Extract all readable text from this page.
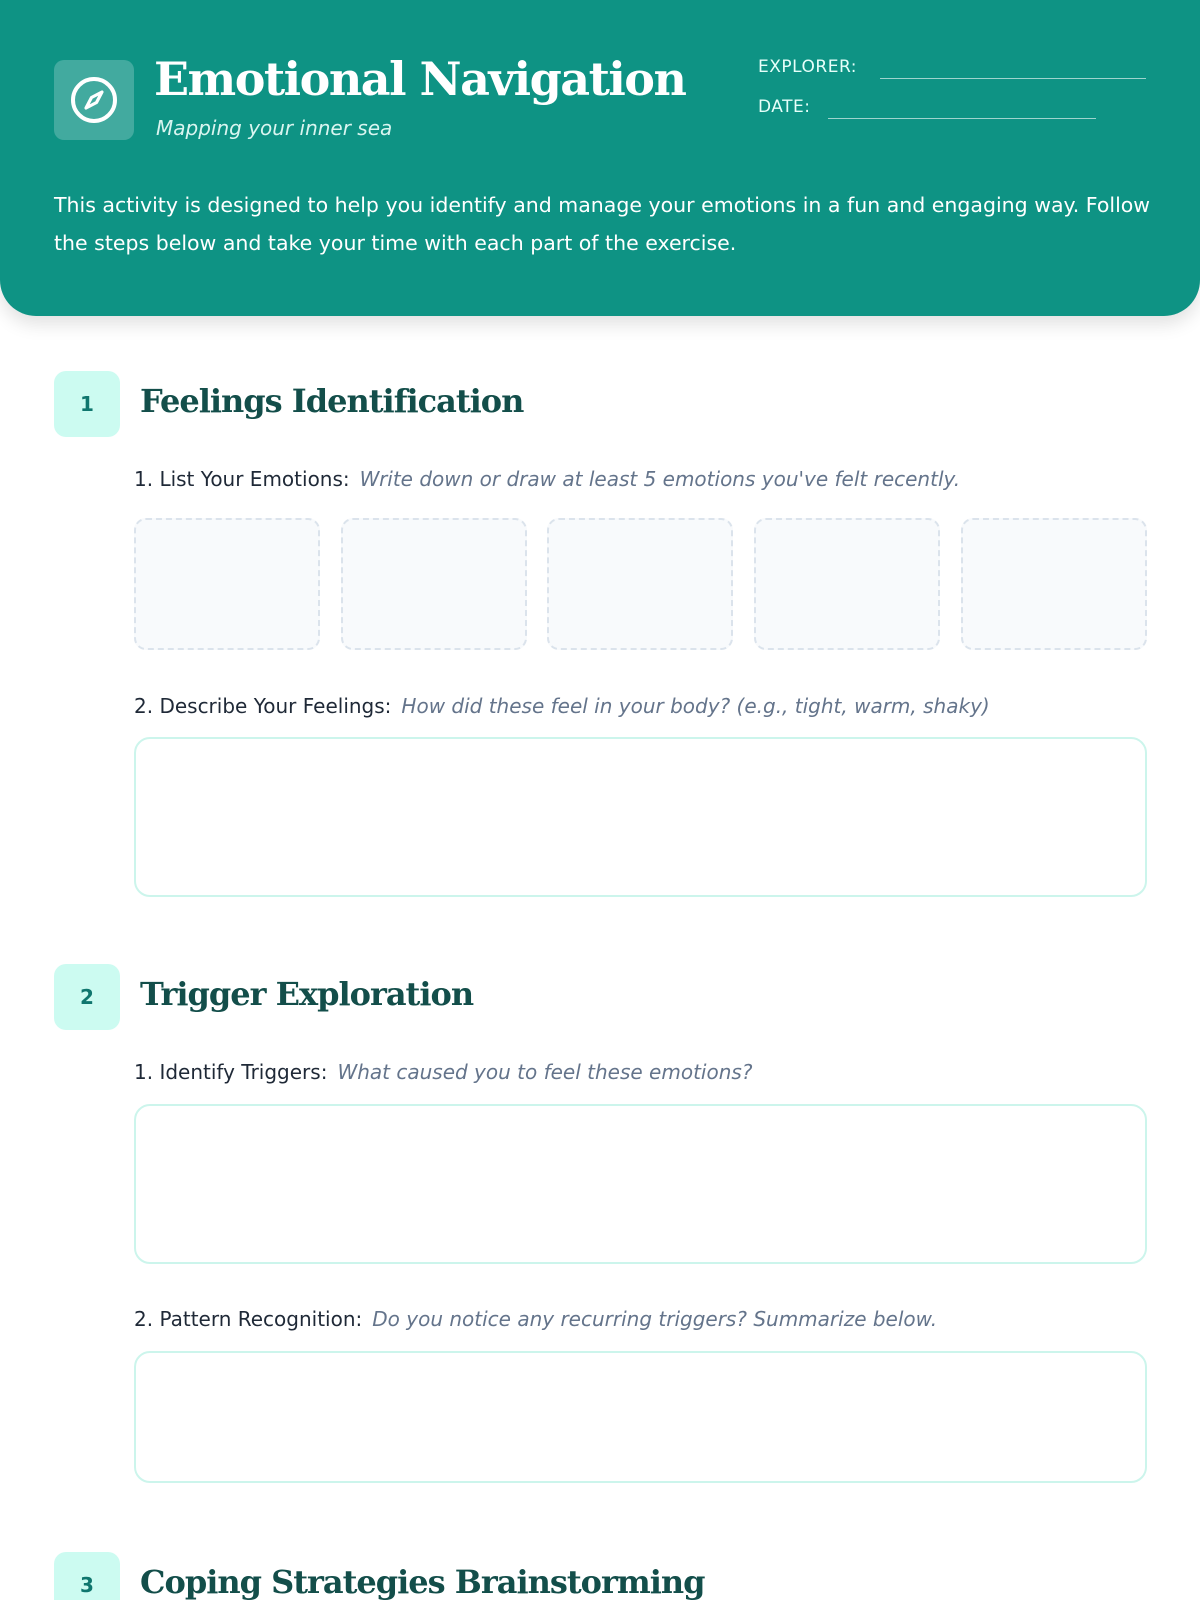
Emotional Navigation
Mapping your inner sea
EXPLORER:
DATE:
This activity is designed to help you identify and manage your emotions in a fun and engaging way. Follow the steps below and take your time with each part of the exercise.
1	Feelings Identification
1. List Your Emotions: Write down or draw at least 5 emotions you've felt recently.
2. Describe Your Feelings: How did these feel in your body? (e.g., tight, warm, shaky)
2	Trigger Exploration
1. Identify Triggers: What caused you to feel these emotions?
2. Pattern Recognition: Do you notice any recurring triggers? Summarize below.
3	Coping Strategies Brainstorming
